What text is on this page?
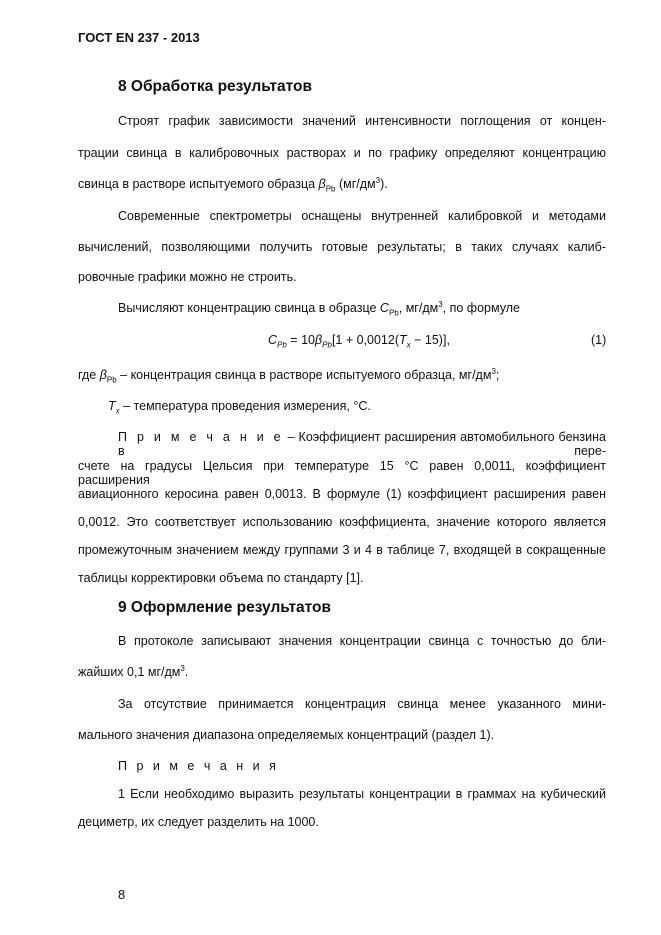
ГОСТ EN 237 - 2013
8 Обработка результатов
Строят график зависимости значений интенсивности поглощения от концен-
трации свинца в калибровочных растворах и по графику определяют концентрацию
свинца в растворе испытуемого образца $\beta_{Pb}$ $(мг/дм^3)$.
Современные спектрометры оснащены внутренней калибровкой и методами
вычислений, позволяющими получить готовые результаты; в таких случаях калиб-
ровочные графики можно не строить.
Вычисляют концентрацию свинца в образце $C_{Pb}$, $мг/дм^3$, по формуле
$C_{Pb} = 10\beta_{Pb}[1 + 0,0012(T_x - 15)]$,	(1)
где $\beta_{Pb}$ – концентрация свинца в растворе испытуемого образца, $мг/дм^3$;
$T_x$ – температура проведения измерения, °C.
П р и м е ч а н и е – Коэффициент расширения автомобильного бензина в пере-
счете на градусы Цельсия при температуре 15 °C равен 0,0011, коэффициент расширения
авиационного керосина равен 0,0013. В формуле (1) коэффициент расширения равен
0,0012. Это соответствует использованию коэффициента, значение которого является
промежуточным значением между группами 3 и 4 в таблице 7, входящей в сокращенные
таблицы корректировки объема по стандарту [1].
9 Оформление результатов
В протоколе записывают значения концентрации свинца с точностью до бли-
жайших 0,1 $мг/дм^3$.
За отсутствие принимается концентрация свинца менее указанного мини-
мального значения диапазона определяемых концентраций (раздел 1).
П р и м е ч а н и я
1 Если необходимо выразить результаты концентрации в граммах на кубический
дециметр, их следует разделить на 1000.
8
